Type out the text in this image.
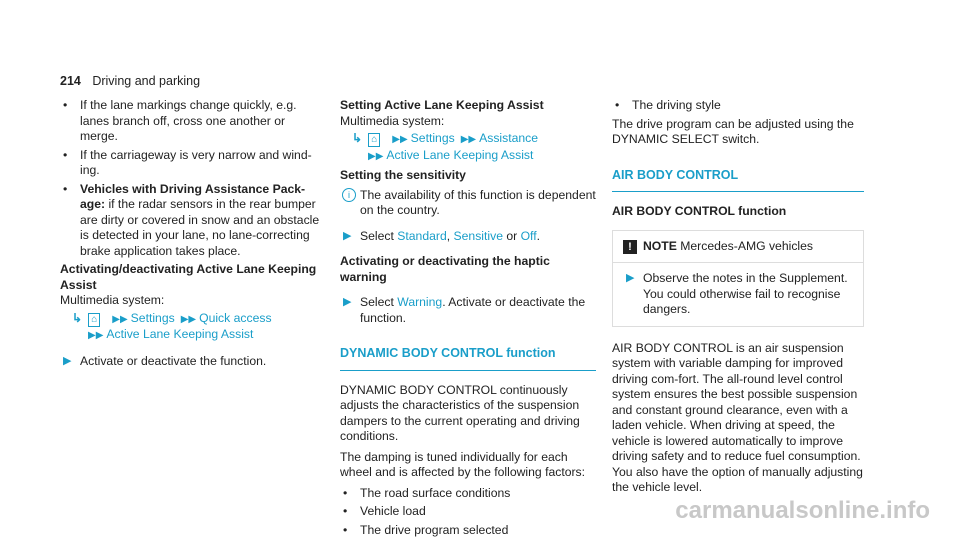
214 Driving and parking
• If the lane markings change quickly, e.g. lanes branch off, cross one another or merge.
• If the carriageway is very narrow and wind-ing.
• Vehicles with Driving Assistance Pack-age: if the radar sensors in the rear bumper are dirty or covered in snow and an obstacle is detected in your lane, no lane-correcting brake application takes place.
Activating/deactivating Active Lane Keeping Assist
Multimedia system:
↳ ⌂ ▶▶ Settings ▶▶ Quick access
▶▶ Active Lane Keeping Assist
▶ Activate or deactivate the function.
Setting Active Lane Keeping Assist
Multimedia system:
↳ ⌂ ▶▶ Settings ▶▶ Assistance
▶▶ Active Lane Keeping Assist
Setting the sensitivity
i The availability of this function is dependent on the country.
▶ Select Standard, Sensitive or Off.
Activating or deactivating the haptic warning
▶ Select Warning. Activate or deactivate the function.
DYNAMIC BODY CONTROL function

DYNAMIC BODY CONTROL continuously adjusts the characteristics of the suspension dampers to the current operating and driving conditions.

The damping is tuned individually for each wheel and is affected by the following factors:

• The road surface conditions
• Vehicle load
• The drive program selected
• The driving style

The drive program can be adjusted using the DYNAMIC SELECT switch.

AIR BODY CONTROL
AIR BODY CONTROL function
! NOTE Mercedes-AMG vehicles
▶ Observe the notes in the Supplement. You could otherwise fail to recognise dangers.

AIR BODY CONTROL is an air suspension system with variable damping for improved driving com-fort. The all-round level control system ensures the best possible suspension and constant ground clearance, even with a laden vehicle. When driving at speed, the vehicle is lowered automatically to improve driving safety and to reduce fuel consumption. You also have the option of manually adjusting the vehicle level.

carmanualsonline.info
